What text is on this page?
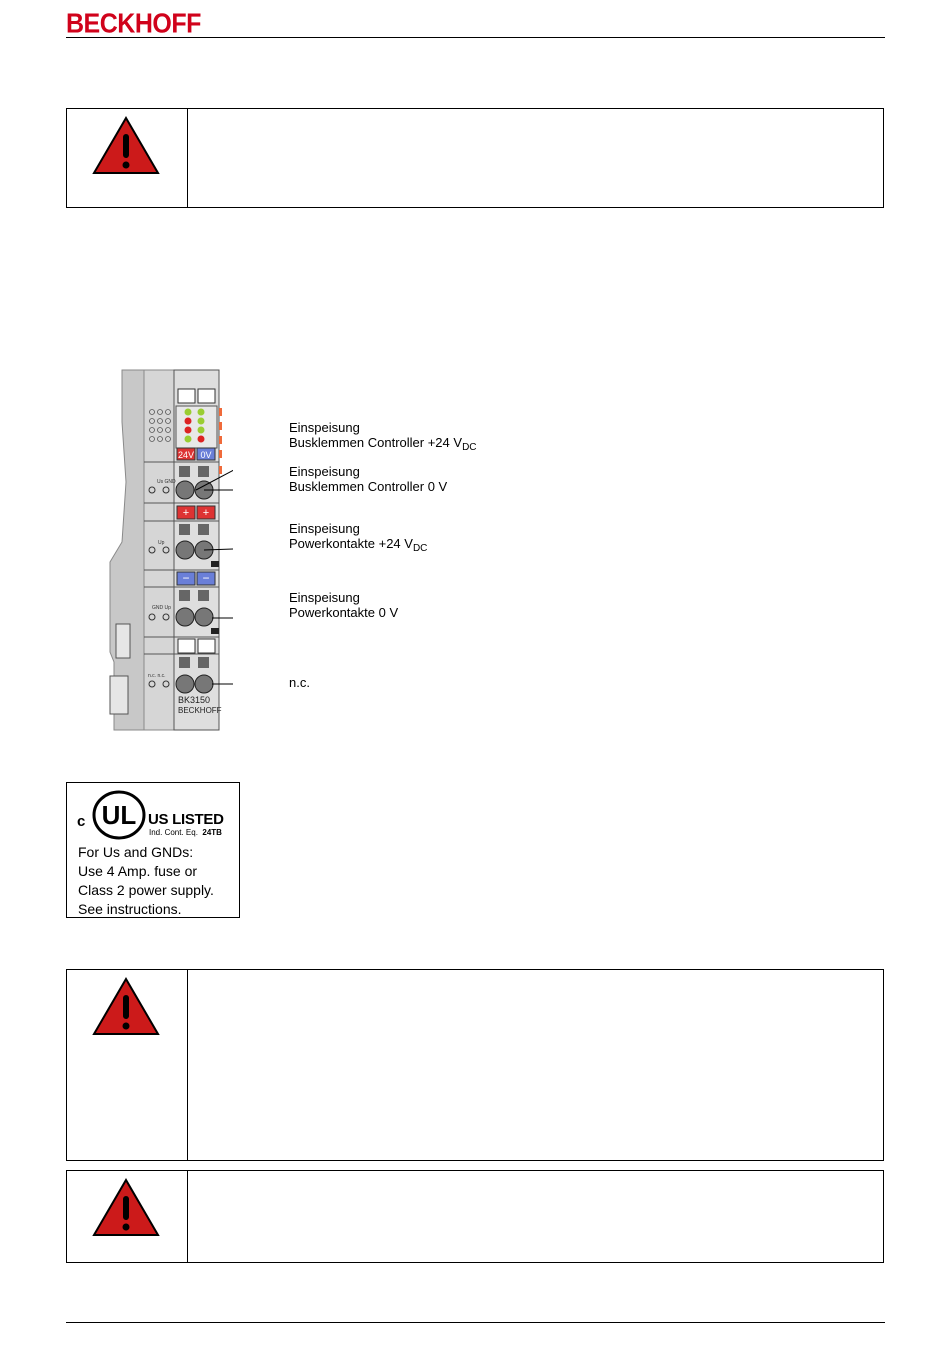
BECKHOFF
24V 0V
Us GND
+ +
Up
− −
GND Up
n.c. n.c.
BK3150
BECKHOFF
Einspeisung
Busklemmen Controller +24 $V_{DC}$
Einspeisung
Busklemmen Controller 0 V
Einspeisung
Powerkontakte +24 $V_{DC}$
Einspeisung
Powerkontakte 0 V
n.c.
c UL US LISTED
Ind. Cont. Eq. 24TB
For Us and GNDs:
Use 4 Amp. fuse or
Class 2 power supply.
See instructions.
